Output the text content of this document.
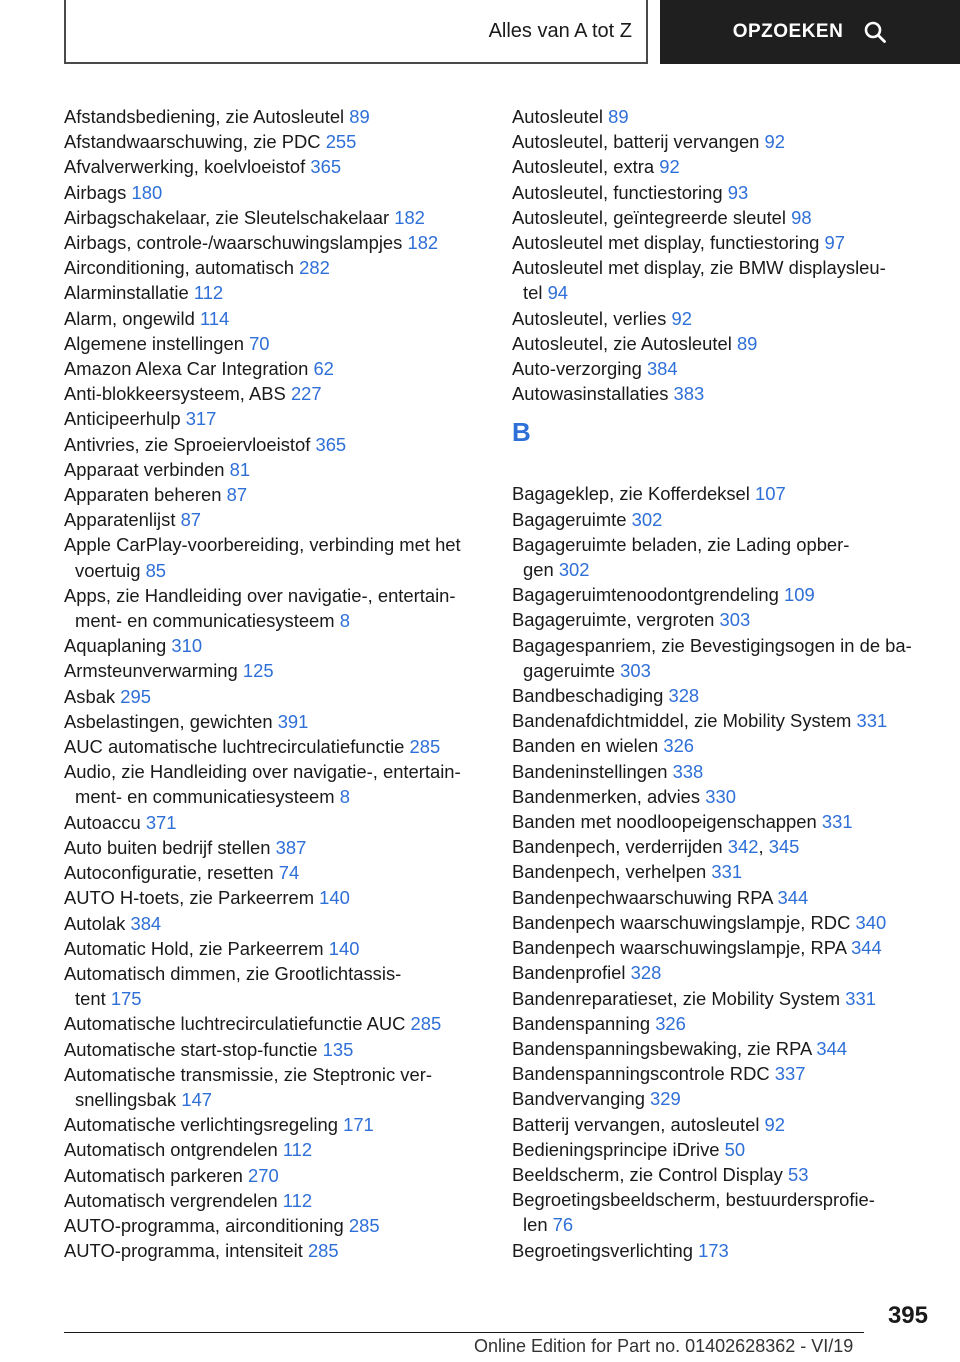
Alles van A tot Z	OPZOEKEN
Afstandsbediening, zie Autosleutel 89
Afstandwaarschuwing, zie PDC 255
Afvalverwerking, koelvloeistof 365
Airbags 180
Airbagschakelaar, zie Sleutelschakelaar 182
Airbags, controle-/waarschuwingslampjes 182
Airconditioning, automatisch 282
Alarminstallatie 112
Alarm, ongewild 114
Algemene instellingen 70
Amazon Alexa Car Integration 62
Anti-blokkeersysteem, ABS 227
Anticipeerhulp 317
Antivries, zie Sproeiervloeistof 365
Apparaat verbinden 81
Apparaten beheren 87
Apparatenlijst 87
Apple CarPlay-voorbereiding, verbinding met het
voertuig 85
Apps, zie Handleiding over navigatie-, entertain-
ment- en communicatiesysteem 8
Aquaplaning 310
Armsteunverwarming 125
Asbak 295
Asbelastingen, gewichten 391
AUC automatische luchtrecirculatiefunctie 285
Audio, zie Handleiding over navigatie-, entertain-
ment- en communicatiesysteem 8
Autoaccu 371
Auto buiten bedrijf stellen 387
Autoconfiguratie, resetten 74
AUTO H-toets, zie Parkeerrem 140
Autolak 384
Automatic Hold, zie Parkeerrem 140
Automatisch dimmen, zie Grootlichtassis-
tent 175
Automatische luchtrecirculatiefunctie AUC 285
Automatische start-stop-functie 135
Automatische transmissie, zie Steptronic ver-
snellingsbak 147
Automatische verlichtingsregeling 171
Automatisch ontgrendelen 112
Automatisch parkeren 270
Automatisch vergrendelen 112
AUTO-programma, airconditioning 285
AUTO-programma, intensiteit 285
Autosleutel 89
Autosleutel, batterij vervangen 92
Autosleutel, extra 92
Autosleutel, functiestoring 93
Autosleutel, geïntegreerde sleutel 98
Autosleutel met display, functiestoring 97
Autosleutel met display, zie BMW displaysleu-
tel 94
Autosleutel, verlies 92
Autosleutel, zie Autosleutel 89
Auto-verzorging 384
Autowasinstallaties 383
B
Bagageklep, zie Kofferdeksel 107
Bagageruimte 302
Bagageruimte beladen, zie Lading opber-
gen 302
Bagageruimtenoodontgrendeling 109
Bagageruimte, vergroten 303
Bagagespanriem, zie Bevestigingsogen in de ba-
gageruimte 303
Bandbeschadiging 328
Bandenafdichtmiddel, zie Mobility System 331
Banden en wielen 326
Bandeninstellingen 338
Bandenmerken, advies 330
Banden met noodloopeigenschappen 331
Bandenpech, verderrijden 342, 345
Bandenpech, verhelpen 331
Bandenpechwaarschuwing RPA 344
Bandenpech waarschuwingslampje, RDC 340
Bandenpech waarschuwingslampje, RPA 344
Bandenprofiel 328
Bandenreparatieset, zie Mobility System 331
Bandenspanning 326
Bandenspanningsbewaking, zie RPA 344
Bandenspanningscontrole RDC 337
Bandvervanging 329
Batterij vervangen, autosleutel 92
Bedieningsprincipe iDrive 50
Beeldscherm, zie Control Display 53
Begroetingsbeeldscherm, bestuurdersprofie-
len 76
Begroetingsverlichting 173
395
Online Edition for Part no. 01402628362 - VI/19
